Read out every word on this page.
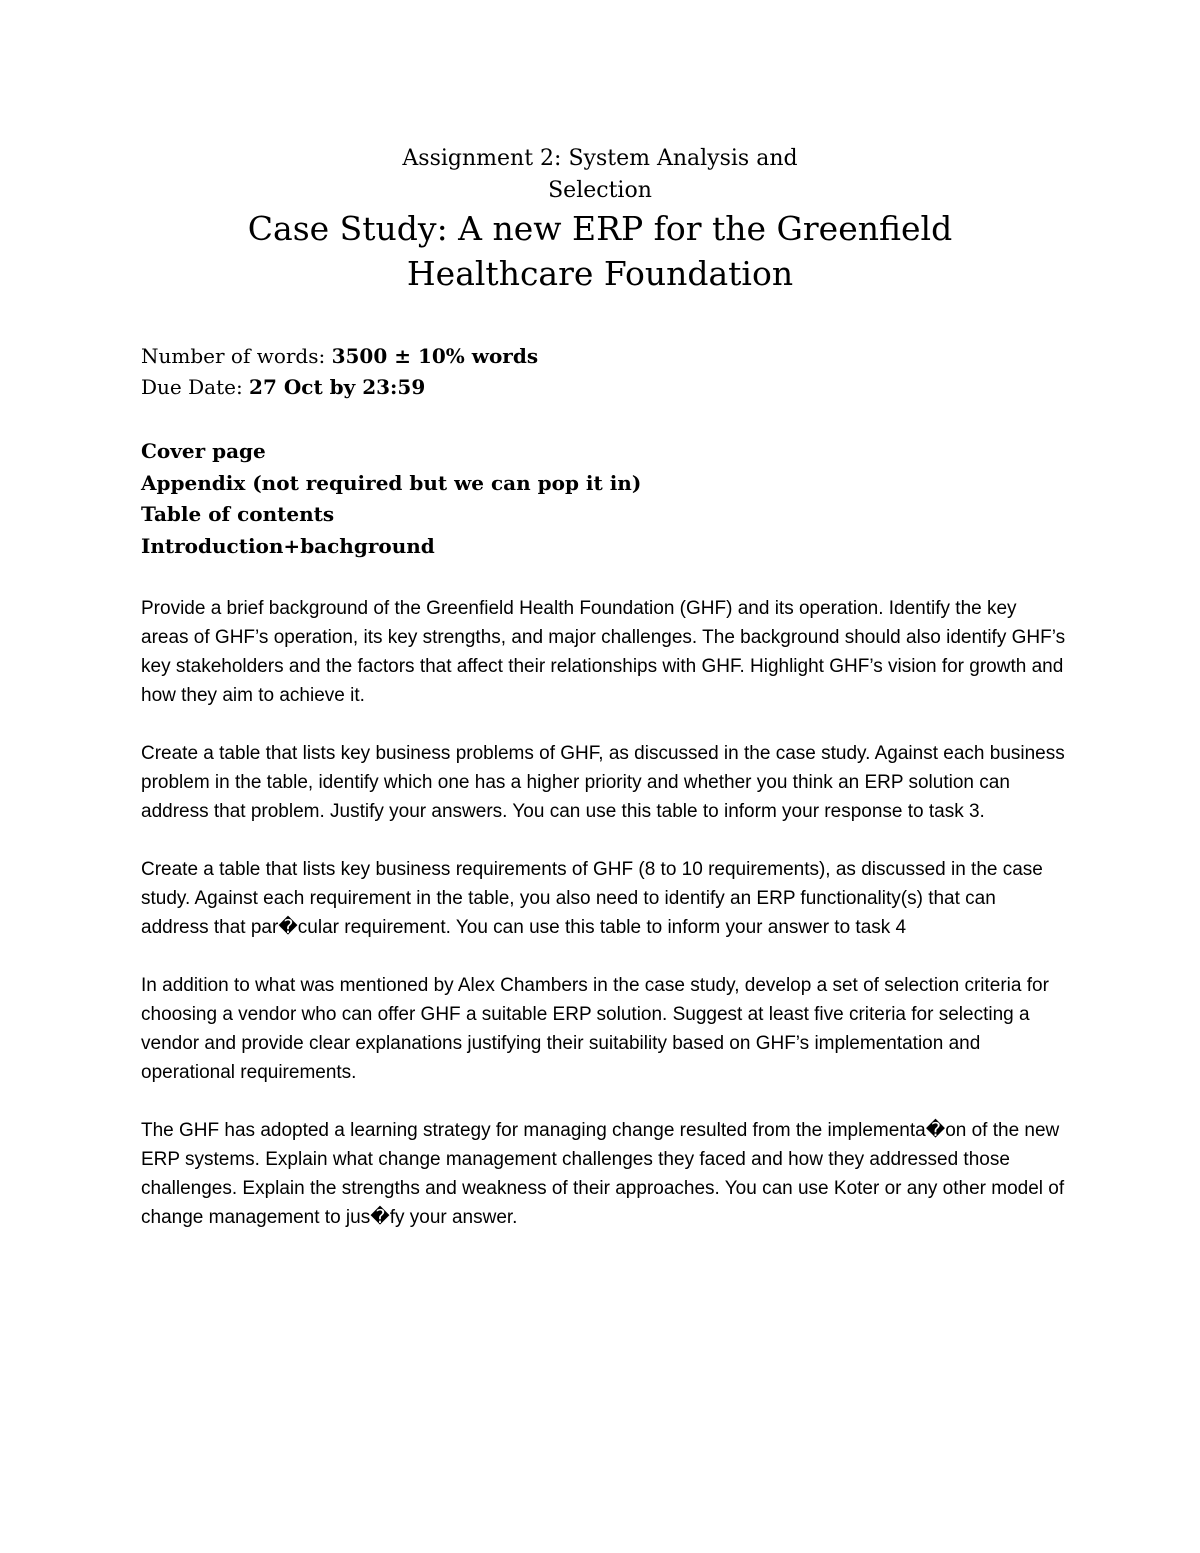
Assignment 2: System Analysis and
Selection
Case Study: A new ERP for the Greenfield
Healthcare Foundation
Number of words: 3500 ± 10% words
Due Date: 27 Oct by 23:59
Cover page
Appendix (not required but we can pop it in)
Table of contents
Introduction+bachground

Provide a brief background of the Greenfield Health Foundation (GHF) and its operation. Identify the key areas of GHF’s operation, its key strengths, and major challenges. The background should also identify GHF’s key stakeholders and the factors that affect their relationships with GHF. Highlight GHF’s vision for growth and how they aim to achieve it.

Create a table that lists key business problems of GHF, as discussed in the case study. Against each business problem in the table, identify which one has a higher priority and whether you think an ERP solution can address that problem. Justify your answers. You can use this table to inform your response to task 3.

Create a table that lists key business requirements of GHF (8 to 10 requirements), as discussed in the case study. Against each requirement in the table, you also need to identify an ERP functionality(s) that can address that par�cular requirement. You can use this table to inform your answer to task 4

In addition to what was mentioned by Alex Chambers in the case study, develop a set of selection criteria for choosing a vendor who can offer GHF a suitable ERP solution. Suggest at least five criteria for selecting a vendor and provide clear explanations justifying their suitability based on GHF’s implementation and operational requirements.

The GHF has adopted a learning strategy for managing change resulted from the implementa�on of the new ERP systems. Explain what change management challenges they faced and how they addressed those challenges. Explain the strengths and weakness of their approaches. You can use Koter or any other model of change management to jus�fy your answer.
